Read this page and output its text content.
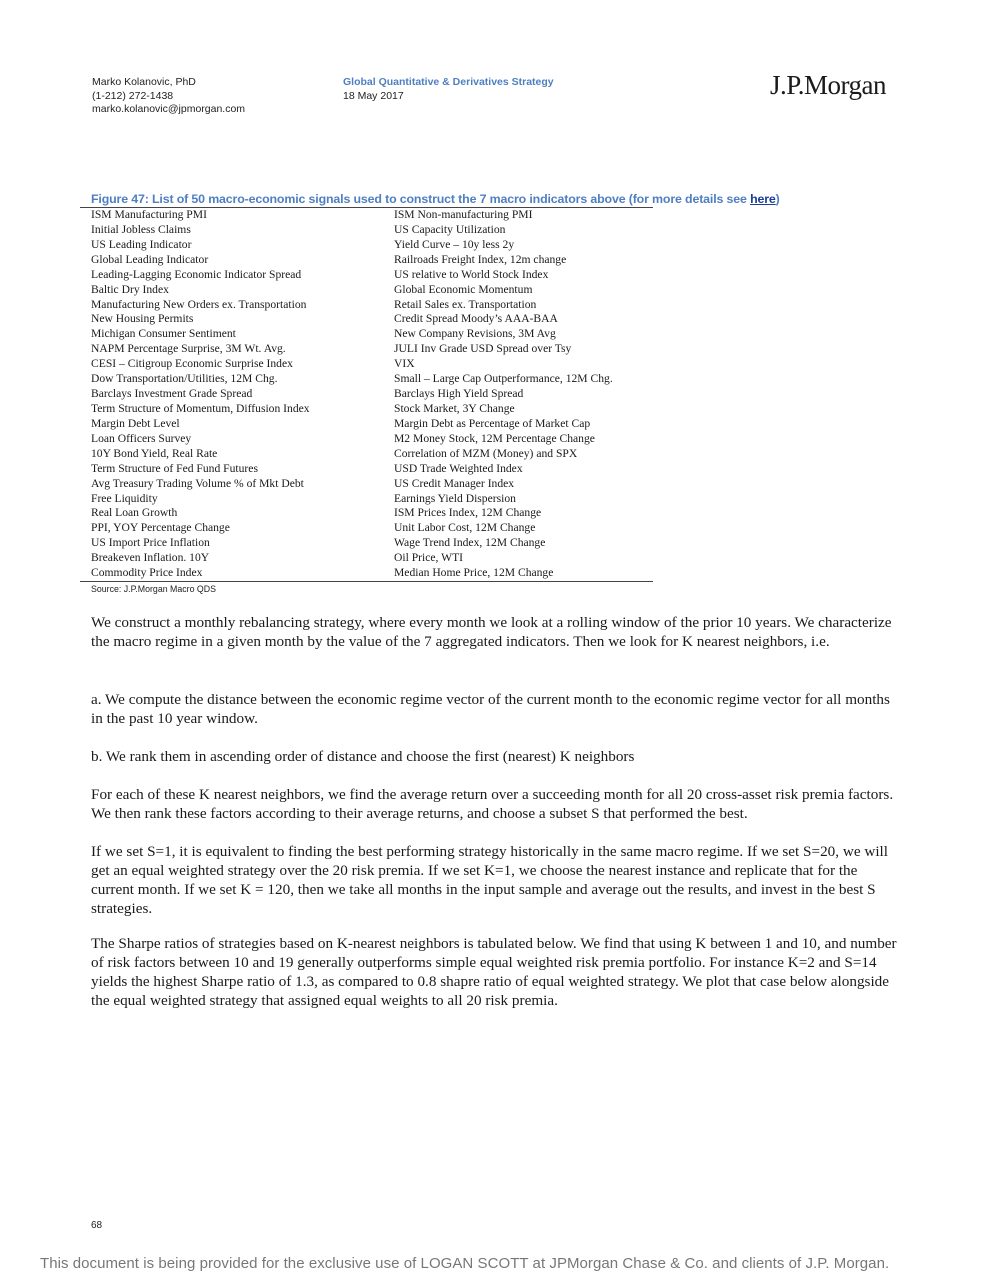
Marko Kolanovic, PhD
(1-212) 272-1438
marko.kolanovic@jpmorgan.com
Global Quantitative & Derivatives Strategy
18 May 2017	J.P.Morgan
Figure 47: List of 50 macro-economic signals used to construct the 7 macro indicators above (for more details see here)
ISM Manufacturing PMI	ISM Non-manufacturing PMI
Initial Jobless Claims	US Capacity Utilization
US Leading Indicator	Yield Curve – 10y less 2y
Global Leading Indicator	Railroads Freight Index, 12m change
Leading-Lagging Economic Indicator Spread	US relative to World Stock Index
Baltic Dry Index	Global Economic Momentum
Manufacturing New Orders ex. Transportation	Retail Sales ex. Transportation
New Housing Permits	Credit Spread Moody’s AAA-BAA
Michigan Consumer Sentiment	New Company Revisions, 3M Avg
NAPM Percentage Surprise, 3M Wt. Avg.	JULI Inv Grade USD Spread over Tsy
CESI – Citigroup Economic Surprise Index	VIX
Dow Transportation/Utilities, 12M Chg.	Small – Large Cap Outperformance, 12M Chg.
Barclays Investment Grade Spread	Barclays High Yield Spread
Term Structure of Momentum, Diffusion Index	Stock Market, 3Y Change
Margin Debt Level	Margin Debt as Percentage of Market Cap
Loan Officers Survey	M2 Money Stock, 12M Percentage Change
10Y Bond Yield, Real Rate	Correlation of MZM (Money) and SPX
Term Structure of Fed Fund Futures	USD Trade Weighted Index
Avg Treasury Trading Volume % of Mkt Debt	US Credit Manager Index
Free Liquidity	Earnings Yield Dispersion
Real Loan Growth	ISM Prices Index, 12M Change
PPI, YOY Percentage Change	Unit Labor Cost, 12M Change
US Import Price Inflation	Wage Trend Index, 12M Change
Breakeven Inflation. 10Y	Oil Price, WTI
Commodity Price Index	Median Home Price, 12M Change
Source: J.P.Morgan Macro QDS

We construct a monthly rebalancing strategy, where every month we look at a rolling window of the prior 10 years. We characterize the macro regime in a given month by the value of the 7 aggregated indicators. Then we look for K nearest neighbors, i.e.

a. We compute the distance between the economic regime vector of the current month to the economic regime vector for all months in the past 10 year window.

b. We rank them in ascending order of distance and choose the first (nearest) K neighbors

For each of these K nearest neighbors, we find the average return over a succeeding month for all 20 cross-asset risk premia factors. We then rank these factors according to their average returns, and choose a subset S that performed the best.

If we set S=1, it is equivalent to finding the best performing strategy historically in the same macro regime. If we set S=20, we will get an equal weighted strategy over the 20 risk premia. If we set K=1, we choose the nearest instance and replicate that for the current month. If we set K = 120, then we take all months in the input sample and average out the results, and invest in the best S strategies.

The Sharpe ratios of strategies based on K-nearest neighbors is tabulated below. We find that using K between 1 and 10, and number of risk factors between 10 and 19 generally outperforms simple equal weighted risk premia portfolio. For instance K=2 and S=14 yields the highest Sharpe ratio of 1.3, as compared to 0.8 shapre ratio of equal weighted strategy. We plot that case below alongside the equal weighted strategy that assigned equal weights to all 20 risk premia.

68
This document is being provided for the exclusive use of LOGAN SCOTT at JPMorgan Chase & Co. and clients of J.P. Morgan.
